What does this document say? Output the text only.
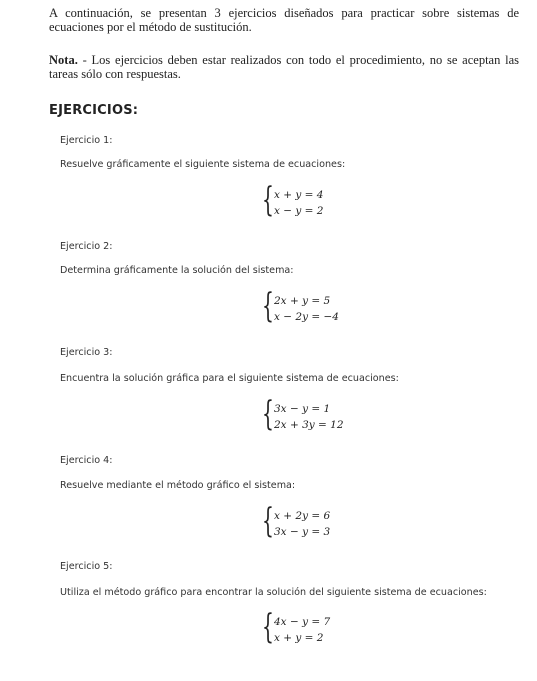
A continuación, se presentan 3 ejercicios diseñados para practicar sobre sistemas de ecuaciones por el método de sustitución.
Nota. - Los ejercicios deben estar realizados con todo el procedimiento, no se aceptan las tareas sólo con respuestas.
EJERCICIOS:
Ejercicio 1:
Resuelve gráficamente el siguiente sistema de ecuaciones:
{ x + y = 4
x − y = 2
Ejercicio 2:
Determina gráficamente la solución del sistema:
{ 2x + y = 5
x − 2y = −4
Ejercicio 3:
Encuentra la solución gráfica para el siguiente sistema de ecuaciones:
{ 3x − y = 1
2x + 3y = 12
Ejercicio 4:
Resuelve mediante el método gráfico el sistema:
{ x + 2y = 6
3x − y = 3
Ejercicio 5:
Utiliza el método gráfico para encontrar la solución del siguiente sistema de ecuaciones:
{ 4x − y = 7
x + y = 2
